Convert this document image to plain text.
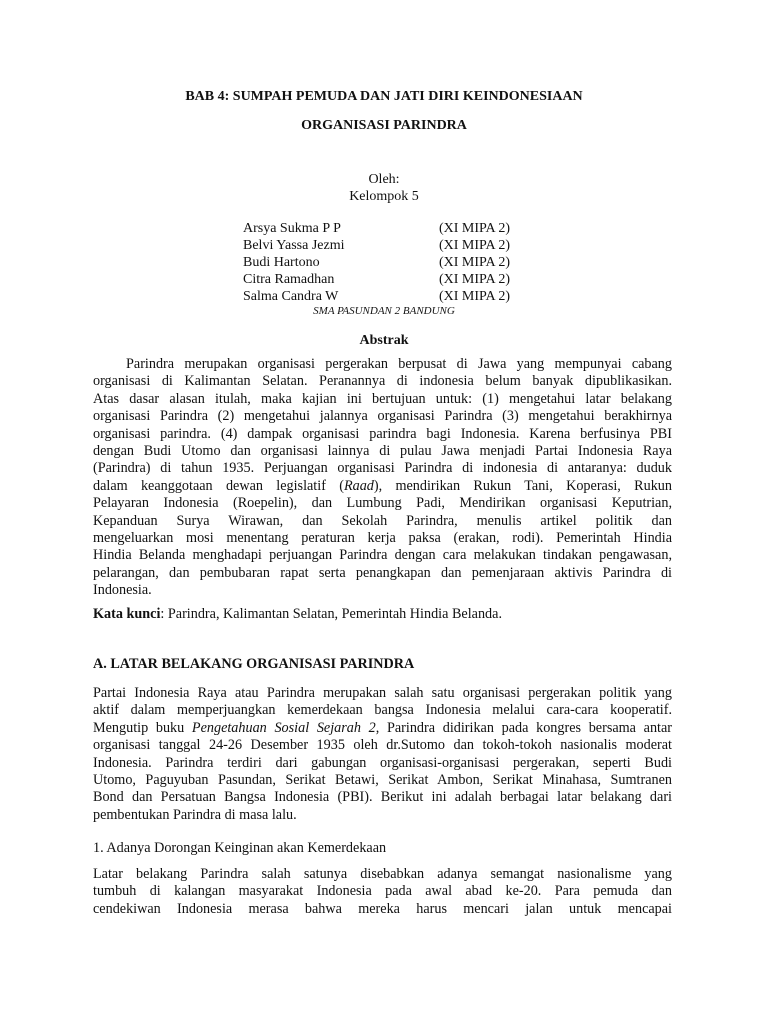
BAB 4: SUMPAH PEMUDA DAN JATI DIRI KEINDONESIAAN
ORGANISASI PARINDRA
Oleh:
Kelompok 5
Arsya Sukma P P	(XI MIPA 2)
Belvi Yassa Jezmi	(XI MIPA 2)
Budi Hartono	(XI MIPA 2)
Citra Ramadhan	(XI MIPA 2)
Salma Candra W	(XI MIPA 2)
SMA PASUNDAN 2 BANDUNG
Abstrak
Parindra merupakan organisasi pergerakan berpusat di Jawa yang mempunyai cabang
organisasi di Kalimantan Selatan. Peranannya di indonesia belum banyak dipublikasikan.
Atas dasar alasan itulah, maka kajian ini bertujuan untuk: (1) mengetahui latar belakang
organisasi Parindra (2) mengetahui jalannya organisasi Parindra (3) mengetahui berakhirnya
organisasi parindra. (4) dampak organisasi parindra bagi Indonesia. Karena berfusinya PBI
dengan Budi Utomo dan organisasi lainnya di pulau Jawa menjadi Partai Indonesia Raya
(Parindra) di tahun 1935. Perjuangan organisasi Parindra di indonesia di antaranya: duduk
dalam keanggotaan dewan legislatif (Raad), mendirikan Rukun Tani, Koperasi, Rukun
Pelayaran Indonesia (Roepelin), dan Lumbung Padi, Mendirikan organisasi Keputrian,
Kepanduan Surya Wirawan, dan Sekolah Parindra, menulis artikel politik dan
mengeluarkan mosi menentang peraturan kerja paksa (erakan, rodi). Pemerintah Hindia
Hindia Belanda menghadapi perjuangan Parindra dengan cara melakukan tindakan pengawasan,
pelarangan, dan pembubaran rapat serta penangkapan dan pemenjaraan aktivis Parindra di
Indonesia.
Kata kunci: Parindra, Kalimantan Selatan, Pemerintah Hindia Belanda.
A. LATAR BELAKANG ORGANISASI PARINDRA
Partai Indonesia Raya atau Parindra merupakan salah satu organisasi pergerakan politik yang
aktif dalam memperjuangkan kemerdekaan bangsa Indonesia melalui cara-cara kooperatif.
Mengutip buku Pengetahuan Sosial Sejarah 2, Parindra didirikan pada kongres bersama antar
organisasi tanggal 24-26 Desember 1935 oleh dr.Sutomo dan tokoh-tokoh nasionalis moderat
Indonesia. Parindra terdiri dari gabungan organisasi-organisasi pergerakan, seperti Budi
Utomo, Paguyuban Pasundan, Serikat Betawi, Serikat Ambon, Serikat Minahasa, Sumtranen
Bond dan Persatuan Bangsa Indonesia (PBI). Berikut ini adalah berbagai latar belakang dari
pembentukan Parindra di masa lalu.
1. Adanya Dorongan Keinginan akan Kemerdekaan
Latar belakang Parindra salah satunya disebabkan adanya semangat nasionalisme yang
tumbuh di kalangan masyarakat Indonesia pada awal abad ke-20. Para pemuda dan
cendekiwan Indonesia merasa bahwa mereka harus mencari jalan untuk mencapai
